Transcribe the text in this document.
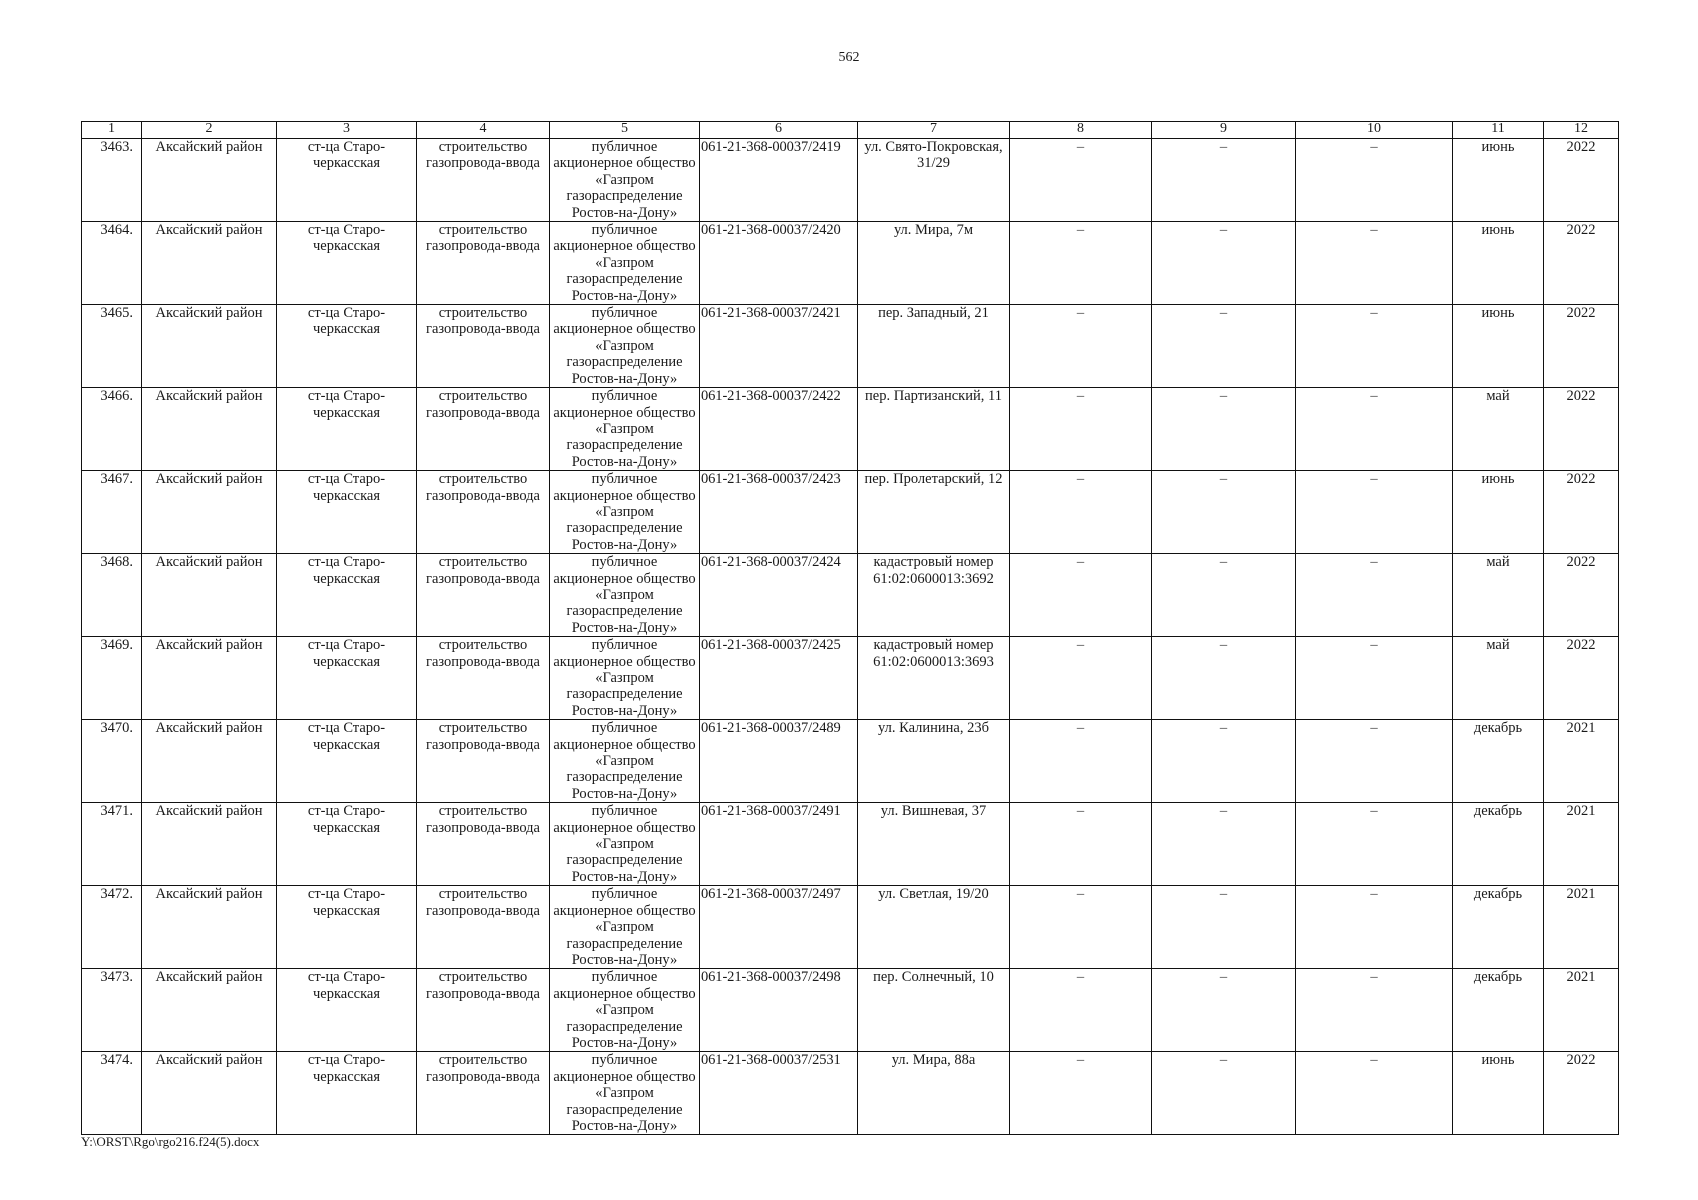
562
1	2	3	4	5	6	7	8	9	10	11	12
3463.	Аксайский район	ст-ца Старо-черкасская	строительство газопровода-ввода	публичное акционерное общество «Газпром газораспределение Ростов-на-Дону»	061-21-368-00037/2419	ул. Свято-Покровская, 31/29	–	–	–	июнь	2022
3464.	Аксайский район	ст-ца Старо-черкасская	строительство газопровода-ввода	публичное акционерное общество «Газпром газораспределение Ростов-на-Дону»	061-21-368-00037/2420	ул. Мира, 7м	–	–	–	июнь	2022
3465.	Аксайский район	ст-ца Старо-черкасская	строительство газопровода-ввода	публичное акционерное общество «Газпром газораспределение Ростов-на-Дону»	061-21-368-00037/2421	пер. Западный, 21	–	–	–	июнь	2022
3466.	Аксайский район	ст-ца Старо-черкасская	строительство газопровода-ввода	публичное акционерное общество «Газпром газораспределение Ростов-на-Дону»	061-21-368-00037/2422	пер. Партизанский, 11	–	–	–	май	2022
3467.	Аксайский район	ст-ца Старо-черкасская	строительство газопровода-ввода	публичное акционерное общество «Газпром газораспределение Ростов-на-Дону»	061-21-368-00037/2423	пер. Пролетарский, 12	–	–	–	июнь	2022
3468.	Аксайский район	ст-ца Старо-черкасская	строительство газопровода-ввода	публичное акционерное общество «Газпром газораспределение Ростов-на-Дону»	061-21-368-00037/2424	кадастровый номер 61:02:0600013:3692	–	–	–	май	2022
3469.	Аксайский район	ст-ца Старо-черкасская	строительство газопровода-ввода	публичное акционерное общество «Газпром газораспределение Ростов-на-Дону»	061-21-368-00037/2425	кадастровый номер 61:02:0600013:3693	–	–	–	май	2022
3470.	Аксайский район	ст-ца Старо-черкасская	строительство газопровода-ввода	публичное акционерное общество «Газпром газораспределение Ростов-на-Дону»	061-21-368-00037/2489	ул. Калинина, 23б	–	–	–	декабрь	2021
3471.	Аксайский район	ст-ца Старо-черкасская	строительство газопровода-ввода	публичное акционерное общество «Газпром газораспределение Ростов-на-Дону»	061-21-368-00037/2491	ул. Вишневая, 37	–	–	–	декабрь	2021
3472.	Аксайский район	ст-ца Старо-черкасская	строительство газопровода-ввода	публичное акционерное общество «Газпром газораспределение Ростов-на-Дону»	061-21-368-00037/2497	ул. Светлая, 19/20	–	–	–	декабрь	2021
3473.	Аксайский район	ст-ца Старо-черкасская	строительство газопровода-ввода	публичное акционерное общество «Газпром газораспределение Ростов-на-Дону»	061-21-368-00037/2498	пер. Солнечный, 10	–	–	–	декабрь	2021
3474.	Аксайский район	ст-ца Старо-черкасская	строительство газопровода-ввода	публичное акционерное общество «Газпром газораспределение Ростов-на-Дону»	061-21-368-00037/2531	ул. Мира, 88а	–	–	–	июнь	2022
Y:\ORST\Rgo\rgo216.f24(5).docx
